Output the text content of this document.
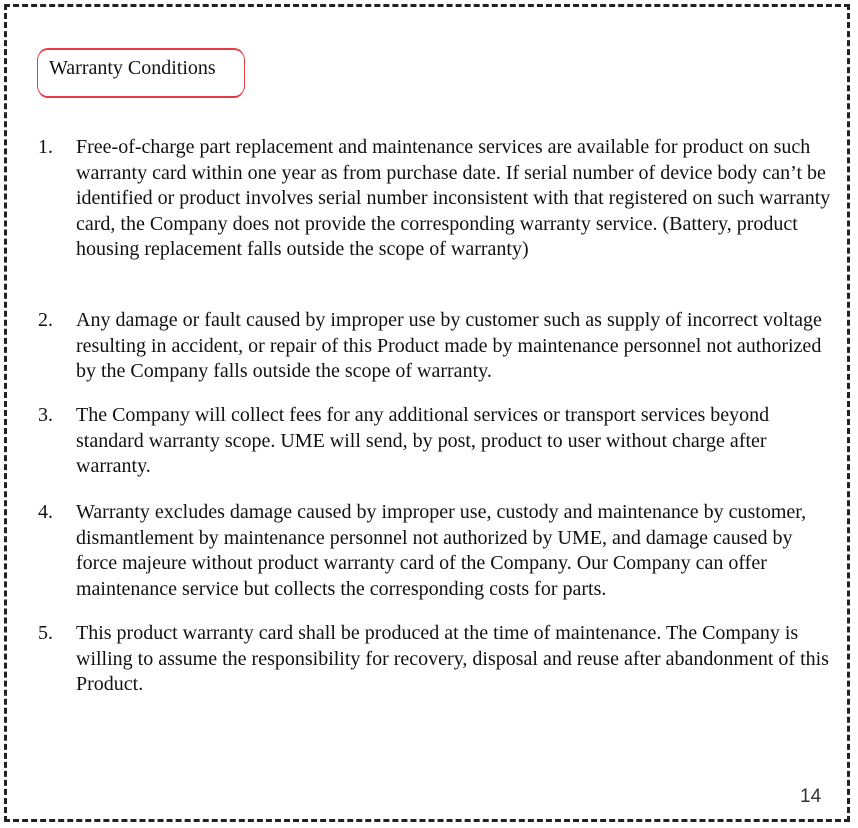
Warranty Conditions
1. Free-of-charge part replacement and maintenance services are available for product on such warranty card within one year as from purchase date. If serial number of device body can’t be identified or product involves serial number inconsistent with that registered on such warranty card, the Company does not provide the corresponding warranty service. (Battery, product housing replacement falls outside the scope of warranty)
2. Any damage or fault caused by improper use by customer such as supply of incorrect voltage resulting in accident, or repair of this Product made by maintenance personnel not authorized by the Company falls outside the scope of warranty.
3. The Company will collect fees for any additional services or transport services beyond standard warranty scope. UME will send, by post, product to user without charge after warranty.
4. Warranty excludes damage caused by improper use, custody and maintenance by customer, dismantlement by maintenance personnel not authorized by UME, and damage caused by force majeure without product warranty card of the Company. Our Company can offer maintenance service but collects the corresponding costs for parts.
5. This product warranty card shall be produced at the time of maintenance. The Company is willing to assume the responsibility for recovery, disposal and reuse after abandonment of this Product.
14
